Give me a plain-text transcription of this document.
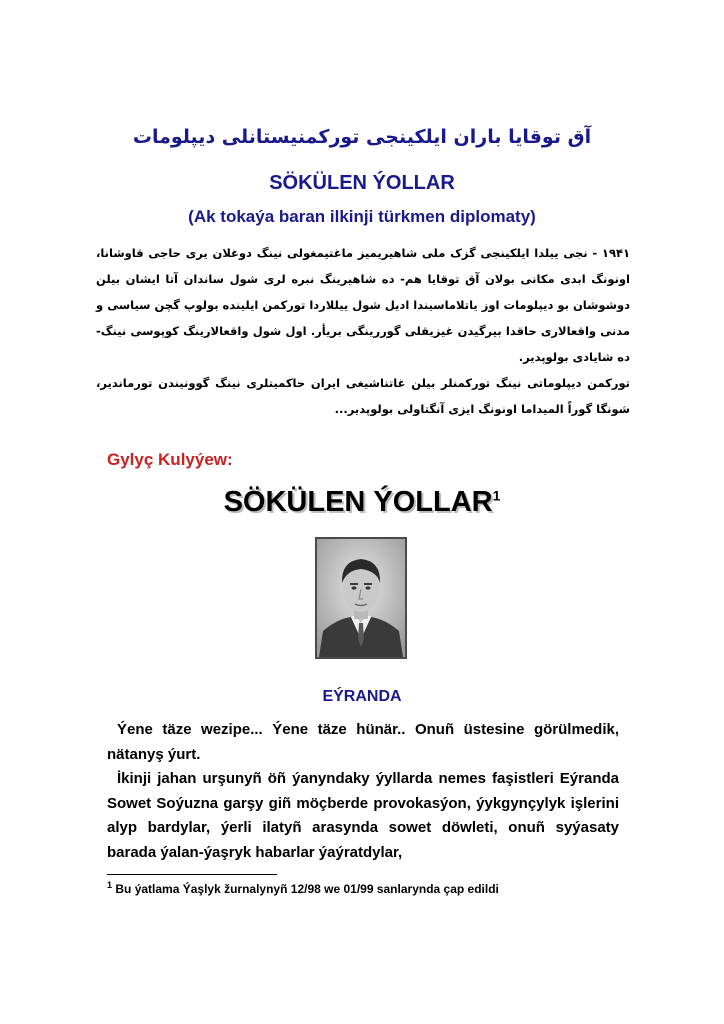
آق توقايا باران ايلكينجى توركمنيستانلى ديپلومات
SÖKÜLEN ÝOLLAR
(Ak tokaýa baran ilkinji türkmen diplomaty)

١٩۴١ - نجى ييلدا ايلكينجى گزک ملی شاهيريميز ماغتيمغولى نينگ دوغلان يرى حاجى قاوشانا، اونونگ ابدى مکانی بولان آق توقايا هم- ده شاهيرينگ نبره لرى شول ساندان آتا ايشان بيلن دوشوشان بو ديپلومات اوز ياتلاماسيندا اديل شول ييللاردا توركمن ايلينده بولوپ گچن سياسى و مدنى واقعالارى حاقدا بيرگيدن غيزيقلى گوررينگى بريأر. اول شول واقعالارينگ کوپوسى نينگ- ده شايادى بولوپدير.

توركمن ديپلوماتى نينگ توركمنلر بيلن غاتناشيغى ايران حاکميتلرى نينگ گوونيندن تورماندير، شونگا گوراً الميداما اونونگ ايزى آنگتاولى بولوپدير...

Gylyç Kulyýew:
SÖKÜLEN ÝOLLAR$^1$
EÝRANDA

Ýene täze wezipe... Ýene täze hünär.. Onuñ üstesine görülmedik, nätanyş ýurt.

İkinji jahan urşunyñ öñ ýanyndaky ýyllarda nemes faşistleri Eýranda Sowet Soýuzna garşy giñ möçberde provokasýon, ýykgynçylyk işlerini alyp bardylar, ýerli ilatyñ arasynda sowet döwleti, onuñ syýasaty barada ýalan-ýaşryk habarlar ýaýratdylar,

$^1$ Bu ýatlama Ýaşlyk žurnalynyñ 12/98 we 01/99 sanlarynda çap edildi
